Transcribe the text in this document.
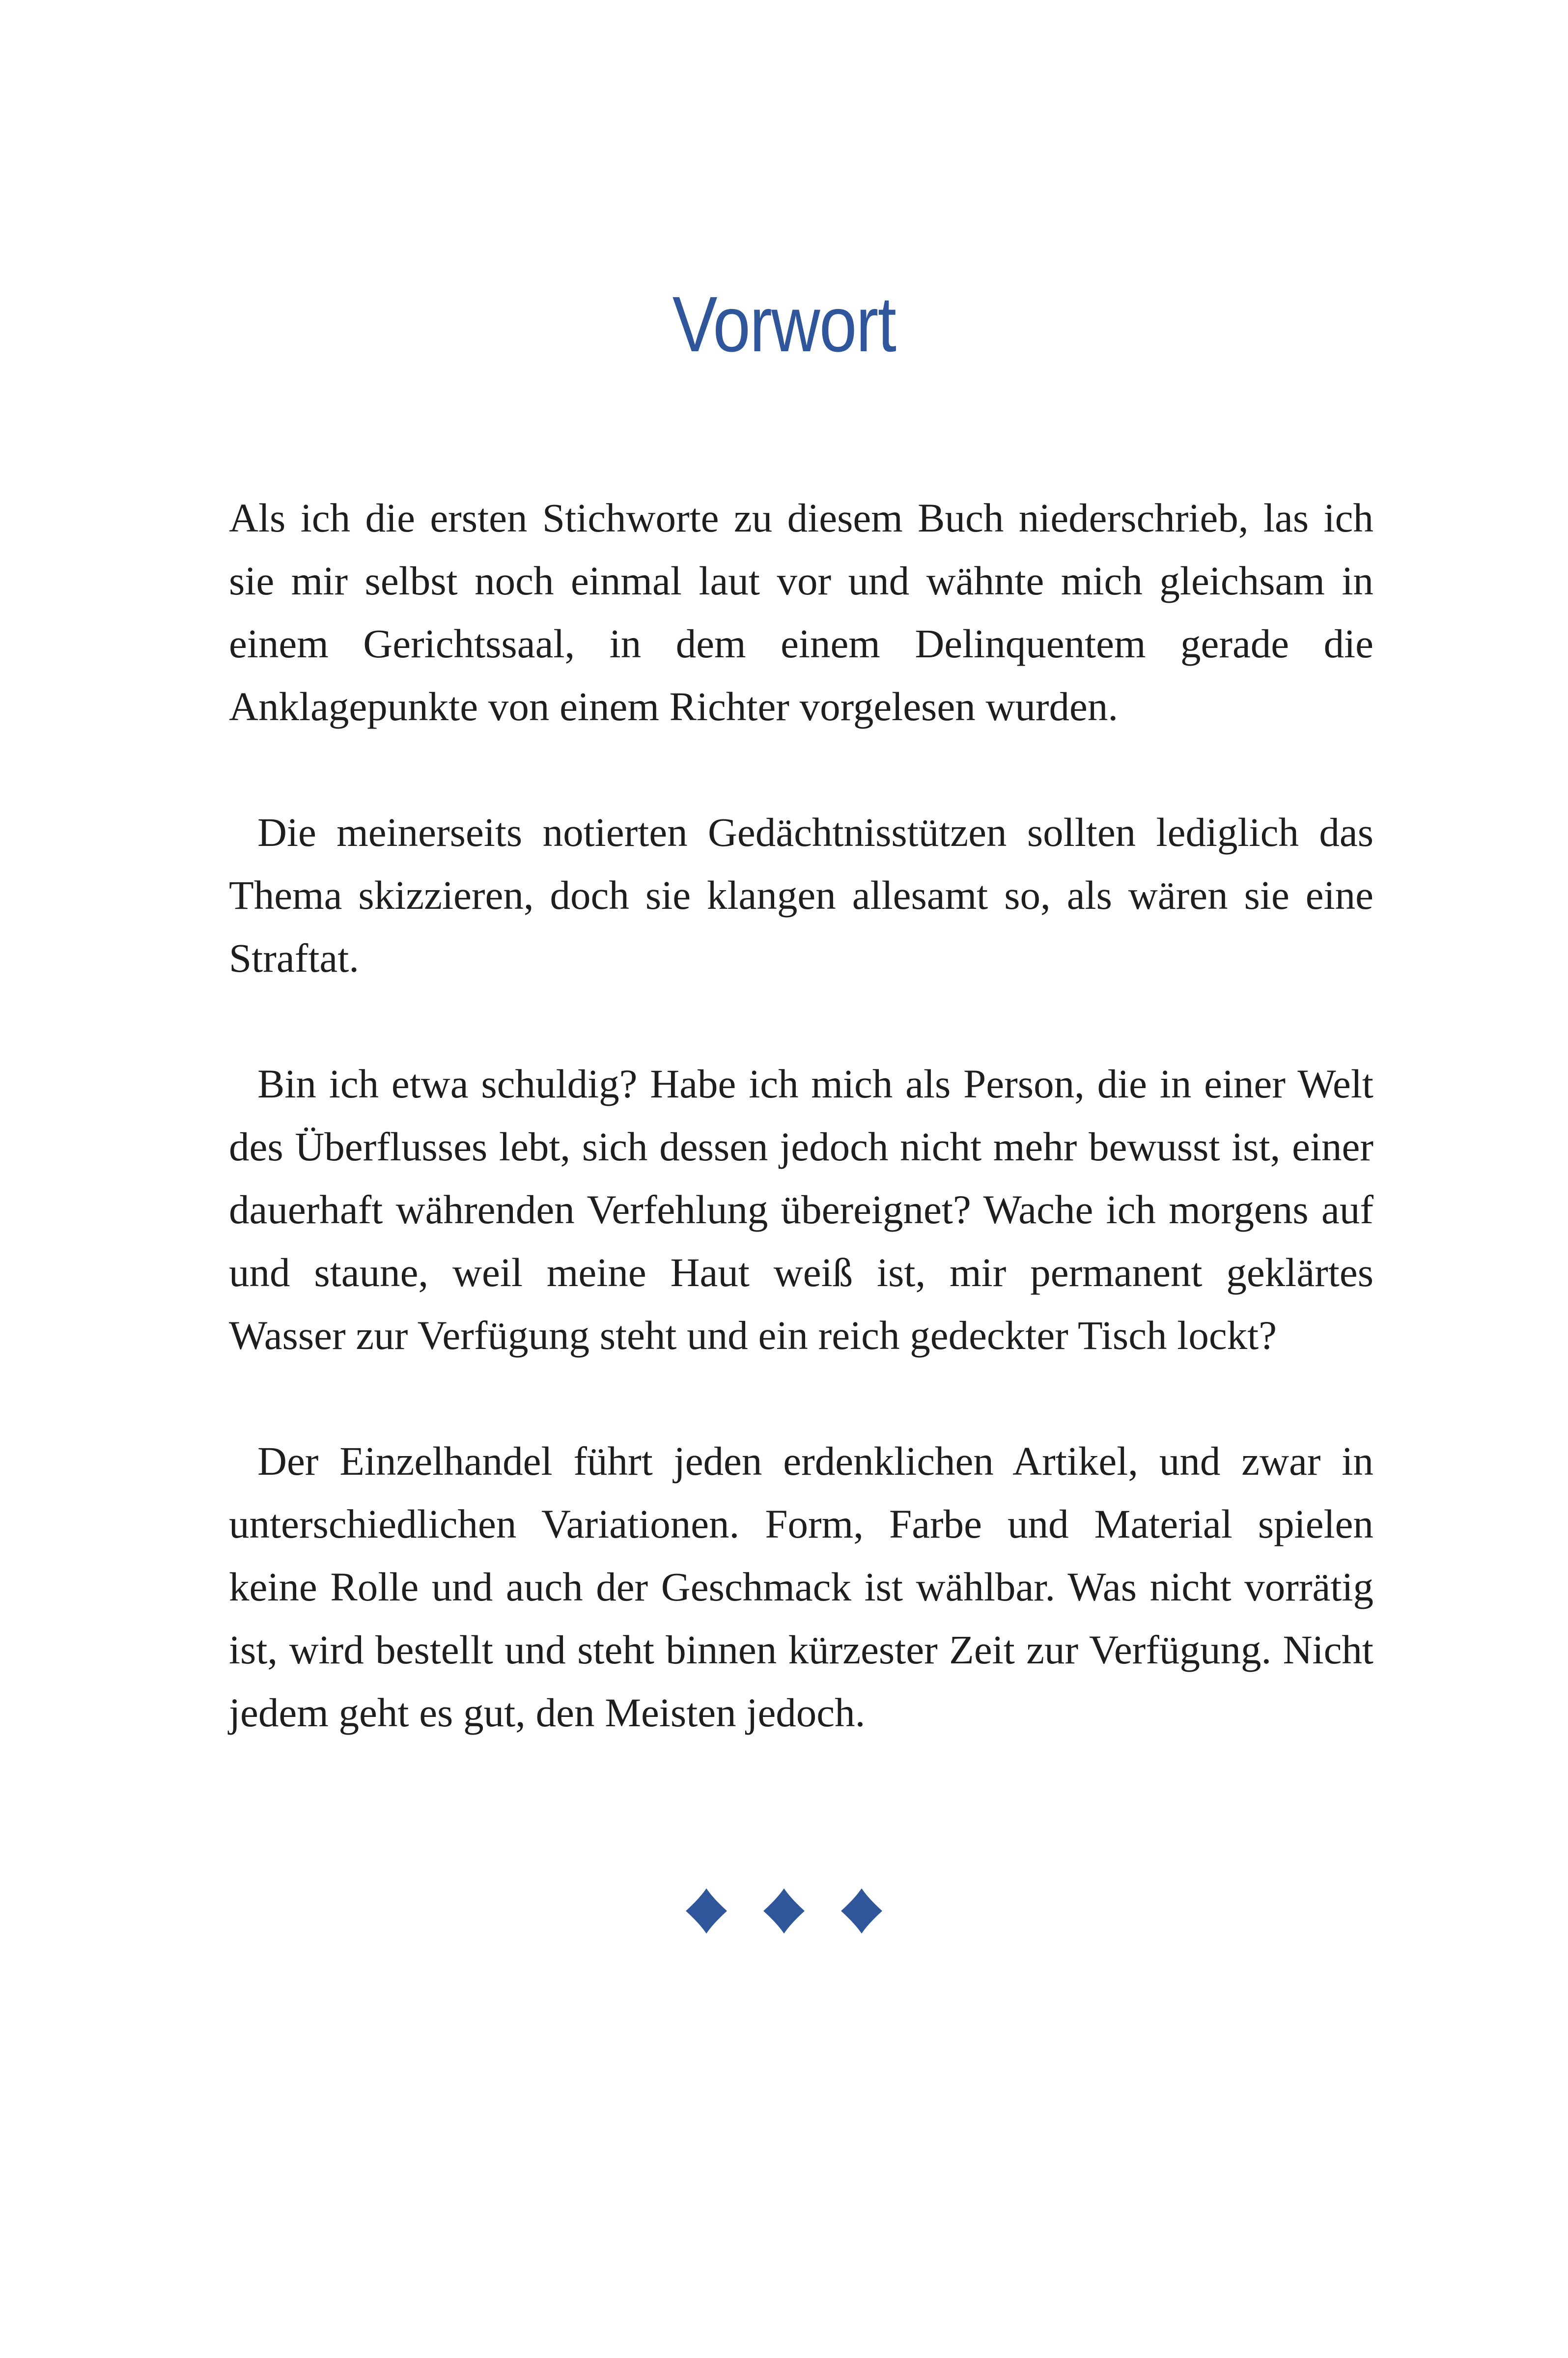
Vorwort

Als ich die ersten Stichworte zu diesem Buch niederschrieb, las ich sie mir selbst noch einmal laut vor und wähnte mich gleichsam in einem Gerichtssaal, in dem einem Delinquentem gerade die Anklagepunkte von einem Richter vorgelesen wurden.

Die meinerseits notierten Gedächtnisstützen sollten lediglich das Thema skizzieren, doch sie klangen allesamt so, als wären sie eine Straftat.

Bin ich etwa schuldig? Habe ich mich als Person, die in einer Welt des Überflusses lebt, sich dessen jedoch nicht mehr bewusst ist, einer dauerhaft währenden Verfehlung übereignet? Wache ich morgens auf und staune, weil meine Haut weiß ist, mir permanent geklärtes Wasser zur Verfügung steht und ein reich gedeckter Tisch lockt?

Der Einzelhandel führt jeden erdenklichen Artikel, und zwar in unterschiedlichen Variationen. Form, Farbe und Material spielen keine Rolle und auch der Geschmack ist wählbar. Was nicht vorrätig ist, wird bestellt und steht binnen kürzester Zeit zur Verfügung. Nicht jedem geht es gut, den Meisten jedoch.
